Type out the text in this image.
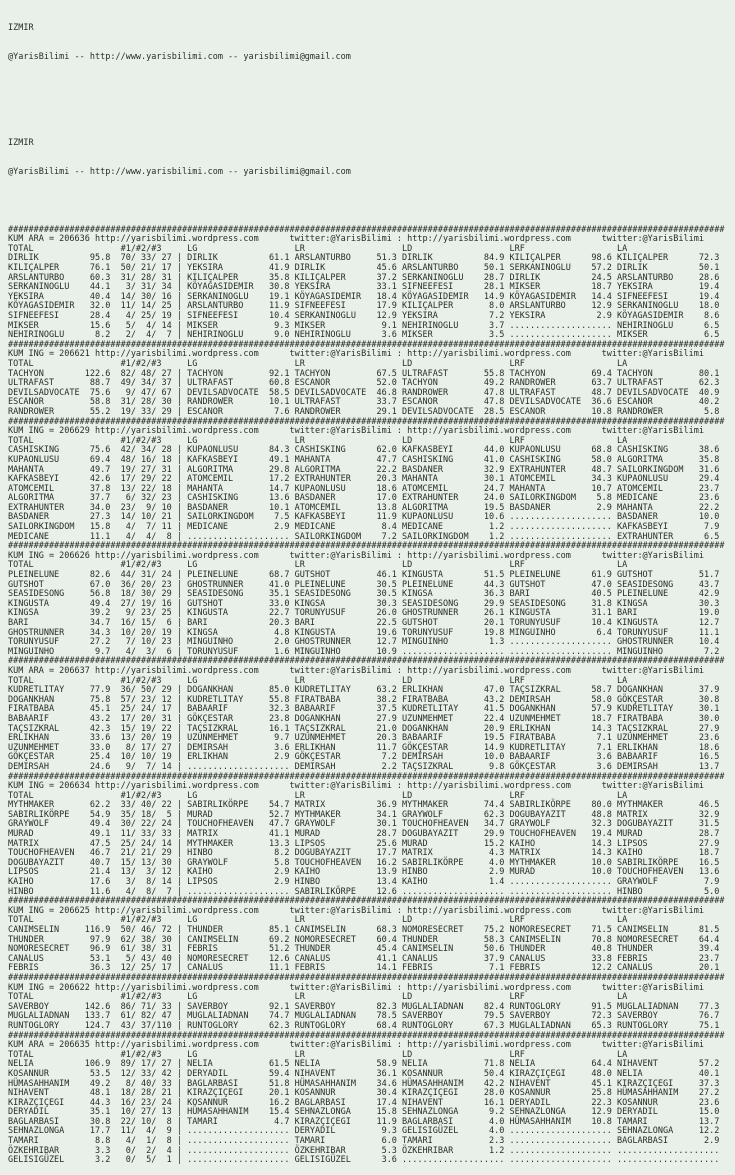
IZMIR

@YarisBilimi -- http://www.yarisbilimi.com -- yarisbilimi@gmail.com

IZMIR

@YarisBilimi -- http://www.yarisbilimi.com -- yarisbilimi@gmail.com

############################################################################################################################################
KUM ARA = 206636 http://yarisbilimi.wordpress.com      twitter:@YarisBilimi : http://yarisbilimi.wordpress.com      twitter:@YarisBilimi
TOTAL                 #1/#2/#3     LG                   LR                   LD                   LRF                  LA
DIRLIK          95.8  70/ 33/ 27 | DIRLIK          61.1 ARSLANTURBO     51.3 DIRLIK          84.9 KILIÇALPER      98.6 KILIÇALPER      72.3
KILIÇALPER      76.1  50/ 21/ 17 | YEKSIRA         41.9 DIRLIK          45.6 ARSLANTURBO     50.1 SERKANINOGLU    57.2 DIRLIK          50.1
ARSLANTURBO     60.3  31/ 28/ 31 | KILIÇALPER      35.8 KILIÇALPER      37.2 SERKANINOGLU    28.7 DIRLIK          24.5 ARSLANTURBO     28.6
SERKANINOGLU    44.1   3/ 31/ 34 | KÖYAGASIDEMIR   30.8 YEKSIRA         33.1 SIFNEEFESI      28.1 MIKSER          18.7 YEKSIRA         19.4
YEKSIRA         40.4  14/ 30/ 16 | SERKANINOGLU    19.1 KÖYAGASIDEMIR   18.4 KÖYAGASIDEMIR   14.9 KÖYAGASIDEMIR   14.4 SIFNEEFESI      19.4
KÖYAGASIDEMIR   32.0  11/ 14/ 25 | ARSLANTURBO     11.9 SIFNEEFESI      17.9 KILIÇALPER       8.0 ARSLANTURBO     12.9 SERKANINOGLU    18.0
SIFNEEFESI      28.4   4/ 25/ 19 | SIFNEEFESI      10.4 SERKANINOGLU    12.9 YEKSIRA          7.2 YEKSIRA          2.9 KÖYAGASIDEMIR    8.6
MIKSER          15.6   5/  4/ 14 | MIKSER           9.3 MIKSER           9.1 NEHIRINOGLU      3.7 .................... NEHIRINOGLU      6.5
NEHIRINOGLU      8.2   2/  4/  7 | NEHIRINOGLU      9.0 NEHIRINOGLU      3.6 MIKSER           3.5 .................... MIKSER           6.5
############################################################################################################################################
KUM ING = 206621 http://yarisbilimi.wordpress.com      twitter:@YarisBilimi : http://yarisbilimi.wordpress.com      twitter:@YarisBilimi
TOTAL                 #1/#2/#3     LG                   LR                   LD                   LRF                  LA
TACHYON        122.6  82/ 48/ 27 | TACHYON         92.1 TACHYON         67.5 ULTRAFAST       55.8 TACHYON         69.4 TACHYON         80.1
ULTRAFAST       88.7  49/ 34/ 37 | ULTRAFAST       60.8 ESCANOR         52.0 TACHYON         49.2 RANDROWER       63.7 ULTRAFAST       62.3
DEVILSADVOCATE  75.6   9/ 47/ 67 | DEVILSADVOCATE  58.5 DEVILSADVOCATE  46.8 RANDROWER       47.8 ULTRAFAST       48.7 DEVILSADVOCATE  40.9
ESCANOR         58.8  31/ 28/ 30 | RANDROWER       10.1 ULTRAFAST       33.7 ESCANOR         47.8 DEVILSADVOCATE  36.6 ESCANOR         40.2
RANDROWER       55.2  19/ 33/ 29 | ESCANOR          7.6 RANDROWER       29.1 DEVILSADVOCATE  28.5 ESCANOR         10.8 RANDROWER        5.8
############################################################################################################################################
KUM ING = 206629 http://yarisbilimi.wordpress.com      twitter:@YarisBilimi : http://yarisbilimi.wordpress.com      twitter:@YarisBilimi
TOTAL                 #1/#2/#3     LG                   LR                   LD                   LRF                  LA
CASHISKING      75.6  42/ 34/ 28 | KUPAONLUSU      84.3 CASHISKING      62.0 KAFKASBEYI      44.0 KUPAONLUSU      68.8 CASHISKING      38.6
KUPAONLUSU      69.4  48/ 16/ 18 | KAFKASBEYI      49.1 MAHANTA         47.7 CASHISKING      41.0 CASHISKING      58.0 ALGORITMA       35.8
MAHANTA         49.7  19/ 27/ 31 | ALGORITMA       29.8 ALGORITMA       22.2 BASDANER        32.9 EXTRAHUNTER     48.7 SAILORKINGDOM   31.6
KAFKASBEYI      42.6  17/ 29/ 22 | ATOMCEMIL       17.2 EXTRAHUNTER     20.3 MAHANTA         30.1 ATOMCEMIL       34.3 KUPAONLUSU      29.4
ATOMCEMIL       37.8  13/ 22/ 18 | MAHANTA         14.7 KUPAONLUSU      18.6 ATOMCEMIL       24.7 MAHANTA         10.7 ATOMCEMIL       23.7
ALGORITMA       37.7   6/ 32/ 23 | CASHISKING      13.6 BASDANER        17.0 EXTRAHUNTER     24.0 SAILORKINGDOM    5.8 MEDICANE        23.6
EXTRAHUNTER     34.0  23/  9/ 10 | BASDANER        10.1 ATOMCEMIL       13.8 ALGORITMA       19.5 BASDANER         2.9 MAHANTA         22.2
BASDANER        27.3  14/ 10/ 21 | SAILORKINGDOM    7.5 KAFKASBEYI      11.9 KUPAONLUSU      10.6 .................... BASDANER        10.0
SAILORKINGDOM   15.8   4/  7/ 11 | MEDICANE         2.9 MEDICANE         8.4 MEDICANE         1.2 .................... KAFKASBEYI       7.9
MEDICANE        11.1   4/  4/  8 | .................... SAILORKINGDOM    7.2 SAILORKINGDOM    1.2 .................... EXTRAHUNTER      6.5
############################################################################################################################################
KUM ING = 206626 http://yarisbilimi.wordpress.com      twitter:@YarisBilimi : http://yarisbilimi.wordpress.com      twitter:@YarisBilimi
TOTAL                 #1/#2/#3     LG                   LR                   LD                   LRF                  LA
PLEINELUNE      82.6  44/ 31/ 24 | PLEINELUNE      68.7 GUTSHOT         46.1 KINGUSTA        51.5 PLEINELUNE      61.9 GUTSHOT         51.7
GUTSHOT         67.0  36/ 20/ 23 | GHOSTRUNNER     41.0 PLEINELUNE      30.5 PLEINELUNE      44.3 GUTSHOT         47.0 SEASIDESONG     43.7
SEASIDESONG     56.8  18/ 30/ 29 | SEASIDESONG     35.1 SEASIDESONG     30.5 KINGSA          36.3 BARI            40.5 PLEINELUNE      42.9
KINGUSTA        49.4  27/ 19/ 16 | GUTSHOT         33.0 KINGSA          30.3 SEASIDESONG     29.9 SEASIDESONG     31.8 KINGSA          30.3
KINGSA          39.2   9/ 23/ 25 | KINGUSTA        22.7 TORUNYUSUF      26.0 GHOSTRUNNER     26.1 KINGUSTA        31.1 BARI            19.0
BARI            34.7  16/ 15/  6 | BARI            20.3 BARI            22.5 GUTSHOT         20.1 TORUNYUSUF      10.4 KINGUSTA        12.7
GHOSTRUNNER     34.3  10/ 20/ 19 | KINGSA           4.8 KINGUSTA        19.6 TORUNYUSUF      19.8 MINGUINHO        6.4 TORUNYUSUF      11.1
TORUNYUSUF      27.2   7/ 10/ 23 | MINGUINHO        2.0 GHOSTRUNNER     12.7 MINGUINHO        1.3 .................... GHOSTRUNNER     10.4
MINGUINHO        9.7   4/  3/  6 | TORUNYUSUF       1.6 MINGUINHO       10.9 .................... .................... MINGUINHO        7.2
############################################################################################################################################
KUM ARA = 206637 http://yarisbilimi.wordpress.com      twitter:@YarisBilimi : http://yarisbilimi.wordpress.com      twitter:@YarisBilimi
TOTAL                 #1/#2/#3     LG                   LR                   LD                   LRF                  LA
KUDRETLITAY     77.9  36/ 50/ 29 | DOGANKHAN       85.0 KUDRETLITAY     63.2 ERLIKHAN        47.0 TAÇSIZKRAL      58.7 DOGANKHAN       37.9
DOGANKHAN       75.8  57/ 23/ 12 | KUDRETLITAY     55.8 FIRATBABA       38.2 FIRATBABA       43.2 DEMIRSAH        58.0 GÖKÇESTAR       30.8
FIRATBABA       45.1  25/ 24/ 17 | BABAARIF        32.3 BABAARIF        37.5 KUDRETLITAY     41.5 DOGANKHAN       57.9 KUDRETLITAY     30.1
BABAARIF        43.2  17/ 20/ 31 | GÖKÇESTAR       23.8 DOGANKHAN       27.9 UZUNMEHMET      22.4 UZUNMEHMET      18.7 FIRATBABA       30.0
TAÇSIZKRAL      42.3  15/ 19/ 22 | TAÇSIZKRAL      16.1 TAÇSIZKRAL      21.0 DOGANKHAN       20.9 ERLIKHAN        14.3 TAÇSIZKRAL      27.9
ERLIKHAN        33.6  13/ 20/ 19 | UZUNMEHMET       9.7 UZUNMEHMET      20.3 BABAARIF        19.5 FIRATBABA        7.1 UZUNMEHMET      23.6
UZUNMEHMET      33.0   8/ 17/ 27 | DEMIRSAH         3.6 ERLIKHAN        11.7 GÖKÇESTAR       14.9 KUDRETLITAY      7.1 ERLIKHAN        18.6
GÖKÇESTAR       25.4  10/ 10/ 19 | ERLIKHAN         2.9 GÖKÇESTAR        7.2 DEMIRSAH        10.0 BABAARIF         3.6 BABAARIF        16.5
DEMIRSAH        24.6   9/  7/ 14 | .................... DEMIRSAH         2.2 TAÇSIZKRAL       9.8 GÖKÇESTAR        3.6 DEMIRSAH        13.7
############################################################################################################################################
KUM ING = 206634 http://yarisbilimi.wordpress.com      twitter:@YarisBilimi : http://yarisbilimi.wordpress.com      twitter:@YarisBilimi
TOTAL                 #1/#2/#3     LG                   LR                   LD                   LRF                  LA
MYTHMAKER       62.2  33/ 40/ 22 | SABIRLIKÖRPE    54.7 MATRIX          36.9 MYTHMAKER       74.4 SABIRLIKÖRPE    80.0 MYTHMAKER       46.5
SABIRLIKÖRPE    54.9  35/ 18/  5 | MURAD           52.7 MYTHMAKER       34.1 GRAYWOLF        62.3 DOGUBAYAZIT     48.8 MATRIX          32.9
GRAYWOLF        49.4  30/ 22/ 24 | TOUCHOFHEAVEN   47.7 GRAYWOLF        30.1 TOUCHOFHEAVEN   34.7 GRAYWOLF        32.3 DOGUBAYAZIT     31.5
MURAD           49.1  11/ 33/ 33 | MATRIX          41.1 MURAD           28.7 DOGUBAYAZIT     29.9 TOUCHOFHEAVEN   19.4 MURAD           28.7
MATRIX          47.5  25/ 24/ 14 | MYTHMAKER       13.3 LIPSOS          25.6 MURAD           15.2 KAIHO           14.3 LIPSOS          27.9
TOUCHOFHEAVEN   46.7  21/ 21/ 29 | HINBO            8.2 DOGUBAYAZIT     17.7 MATRIX           4.3 MATRIX          14.3 KAIHO           18.7
DOGUBAYAZIT     40.7  15/ 13/ 30 | GRAYWOLF         5.8 TOUCHOFHEAVEN   16.2 SABIRLIKÖRPE     4.0 MYTHMAKER       10.0 SABIRLIKÖRPE    16.5
LIPSOS          21.4  13/  3/ 12 | KAIHO            2.9 KAIHO           13.9 HINBO            2.9 MURAD           10.0 TOUCHOFHEAVEN   13.6
KAIHO           17.6   3/  8/ 14 | LIPSOS           2.9 HINBO           13.4 KAIHO            1.4 .................... GRAYWOLF         7.9
HINBO           11.6   4/  8/  7 | .................... SABIRLIKÖRPE    12.6 .................... .................... HINBO            5.0
############################################################################################################################################
KUM ING = 206625 http://yarisbilimi.wordpress.com      twitter:@YarisBilimi : http://yarisbilimi.wordpress.com      twitter:@YarisBilimi
TOTAL                 #1/#2/#3     LG                   LR                   LD                   LRF                  LA
CANIMSELIN     116.9  50/ 46/ 72 | THUNDER         85.1 CANIMSELIN      68.3 NOMORESECRET    75.2 NOMORESECRET    71.5 CANIMSELIN      81.5
THUNDER         97.9  62/ 38/ 30 | CANIMSELIN      69.2 NOMORESECRET    60.4 THUNDER         58.3 CANIMSELIN      70.8 NOMORESECRET    64.4
NOMORESECRET    96.9  61/ 38/ 31 | FEBRIS          51.2 THUNDER         45.4 CANIMSELIN      50.6 THUNDER         40.8 THUNDER         39.4
CANALUS         53.1   5/ 43/ 40 | NOMORESECRET    12.6 CANALUS         41.1 CANALUS         37.9 CANALUS         33.8 FEBRIS          23.7
FEBRIS          36.3  12/ 25/ 17 | CANALUS         11.1 FEBRIS          14.1 FEBRIS           7.1 FEBRIS          12.2 CANALUS         20.1
############################################################################################################################################
KUM ING = 206622 http://yarisbilimi.wordpress.com      twitter:@YarisBilimi : http://yarisbilimi.wordpress.com      twitter:@YarisBilimi
TOTAL                 #1/#2/#3     LG                   LR                   LD                   LRF                  LA
SAVERBOY       142.6  86/ 71/ 33 | SAVERBOY        92.1 SAVERBOY        82.3 MUGLALIADNAN    82.4 RUNTOGLORY      91.5 MUGLALIADNAN    77.3
MUGLALIADNAN   133.7  61/ 82/ 47 | MUGLALIADNAN    74.7 MUGLALIADNAN    78.5 SAVERBOY        79.5 SAVERBOY        72.3 SAVERBOY        76.7
RUNTOGLORY     124.7  43/ 37/110 | RUNTOGLORY      62.3 RUNTOGLORY      68.4 RUNTOGLORY      67.3 MUGLALIADNAN    65.3 RUNTOGLORY      75.1
############################################################################################################################################
KUM ARA = 206635 http://yarisbilimi.wordpress.com      twitter:@YarisBilimi : http://yarisbilimi.wordpress.com      twitter:@YarisBilimi
TOTAL                 #1/#2/#3     LG                   LR                   LD                   LRF                  LA
NELIA          106.9  89/ 17/ 27 | NELIA           61.5 NELIA           58.9 NELIA           71.8 NELIA           64.4 NIHAVENT        57.2
KOSANNUR        53.5  12/ 33/ 42 | DERYADIL        59.4 NIHAVENT        36.1 KOSANNUR        50.4 KIRAZÇIÇEGI     48.0 NELIA           40.1
HÜMASAHHANIM    49.2   8/ 40/ 33 | BAGLARBASI      51.8 HÜMASAHHANIM    34.6 HÜMASAHHANIM    42.2 NIHAVENT        45.1 KIRAZÇIÇEGI     37.3
NIHAVENT        48.1  18/ 28/ 21 | KIRAZÇIÇEGI     20.1 KOSANNUR        30.4 KIRAZÇIÇEGI     28.0 KOSANNUR        25.8 HÜMASAHHANIM    27.2
KIRAZÇIÇEGI     44.3  16/ 23/ 24 | KOSANNUR        16.2 BAGLARBASI      17.4 NIHAVENT        16.1 DERYADIL        22.3 KOSANNUR        23.6
DERYADIL        35.1  10/ 27/ 13 | HÜMASAHHANIM    15.4 SEHNAZLONGA     15.8 SEHNAZLONGA      9.2 SEHNAZLONGA     12.9 DERYADIL        15.0
BAGLARBASI      30.8  22/ 10/  8 | TAMARI           4.7 KIRAZÇIÇEGI     11.9 BAGLARBASI       4.0 HÜMASAHHANIM    10.8 TAMARI          13.7
SEHNAZLONGA     17.7  11/  4/  9 | .................... DERYADIL         9.3 GELISIGÜZEL      4.0 .................... SEHNAZLONGA     12.2
TAMARI           8.8   4/  1/  8 | .................... TAMARI           6.0 TAMARI           2.3 .................... BAGLARBASI       2.9
ÖZKEHRIBAR       3.3   0/  2/  4 | .................... ÖZKEHRIBAR       5.3 ÖZKEHRIBAR       1.2 .................... ....................
GELISIGÜZEL      3.2   0/  5/  1 | .................... GELISIGÜZEL      3.6 .................... .................... ....................
